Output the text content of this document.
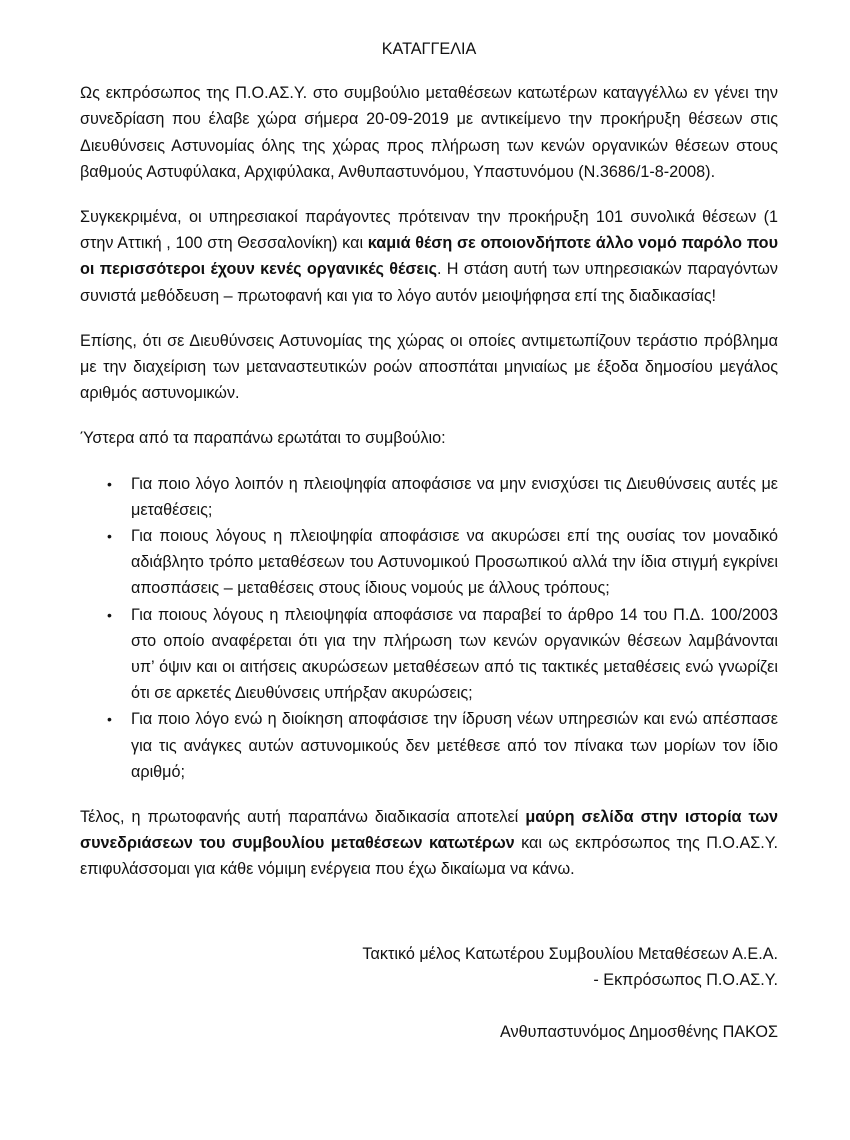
ΚΑΤΑΓΓΕΛΙΑ

Ως εκπρόσωπος της Π.Ο.ΑΣ.Υ. στο συμβούλιο μεταθέσεων κατωτέρων καταγγέλλω εν γένει την συνεδρίαση που έλαβε χώρα σήμερα 20-09-2019 με αντικείμενο την προκήρυξη θέσεων στις Διευθύνσεις Αστυνομίας όλης της χώρας προς πλήρωση των κενών οργανικών θέσεων στους βαθμούς Αστυφύλακα, Αρχιφύλακα, Ανθυπαστυνόμου, Υπαστυνόμου (Ν.3686/1-8-2008).

Συγκεκριμένα, οι υπηρεσιακοί παράγοντες πρότειναν την προκήρυξη 101 συνολικά θέσεων (1 στην Αττική , 100 στη Θεσσαλονίκη) και καμιά θέση σε οποιονδήποτε άλλο νομό παρόλο που οι περισσότεροι έχουν κενές οργανικές θέσεις. Η στάση αυτή των υπηρεσιακών παραγόντων συνιστά μεθόδευση – πρωτοφανή και για το λόγο αυτόν μειοψήφησα επί της διαδικασίας!

Επίσης, ότι σε Διευθύνσεις Αστυνομίας της χώρας οι οποίες αντιμετωπίζουν τεράστιο πρόβλημα με την διαχείριση των μεταναστευτικών ροών αποσπάται μηνιαίως με έξοδα δημοσίου μεγάλος αριθμός αστυνομικών.

Ύστερα από τα παραπάνω ερωτάται το συμβούλιο:

• Για ποιο λόγο λοιπόν η πλειοψηφία αποφάσισε να μην ενισχύσει τις Διευθύνσεις αυτές με μεταθέσεις;
• Για ποιους λόγους η πλειοψηφία αποφάσισε να ακυρώσει επί της ουσίας τον μοναδικό αδιάβλητο τρόπο μεταθέσεων του Αστυνομικού Προσωπικού αλλά την ίδια στιγμή εγκρίνει αποσπάσεις – μεταθέσεις στους ίδιους νομούς με άλλους τρόπους;
• Για ποιους λόγους η πλειοψηφία αποφάσισε να παραβεί το άρθρο 14 του Π.Δ. 100/2003 στο οποίο αναφέρεται ότι για την πλήρωση των κενών οργανικών θέσεων λαμβάνονται υπ’ όψιν και οι αιτήσεις ακυρώσεων μεταθέσεων από τις τακτικές μεταθέσεις ενώ γνωρίζει ότι σε αρκετές Διευθύνσεις υπήρξαν ακυρώσεις;
• Για ποιο λόγο ενώ η διοίκηση αποφάσισε την ίδρυση νέων υπηρεσιών και ενώ απέσπασε για τις ανάγκες αυτών αστυνομικούς δεν μετέθεσε από τον πίνακα των μορίων τον ίδιο αριθμό;

Τέλος, η πρωτοφανής αυτή παραπάνω διαδικασία αποτελεί μαύρη σελίδα στην ιστορία των συνεδριάσεων του συμβουλίου μεταθέσεων κατωτέρων και ως εκπρόσωπος της Π.Ο.ΑΣ.Υ. επιφυλάσσομαι για κάθε νόμιμη ενέργεια που έχω δικαίωμα να κάνω.

Τακτικό μέλος Κατωτέρου Συμβουλίου Μεταθέσεων Α.Ε.Α.
- Εκπρόσωπος Π.Ο.ΑΣ.Υ.
Ανθυπαστυνόμος Δημοσθένης ΠΑΚΟΣ
